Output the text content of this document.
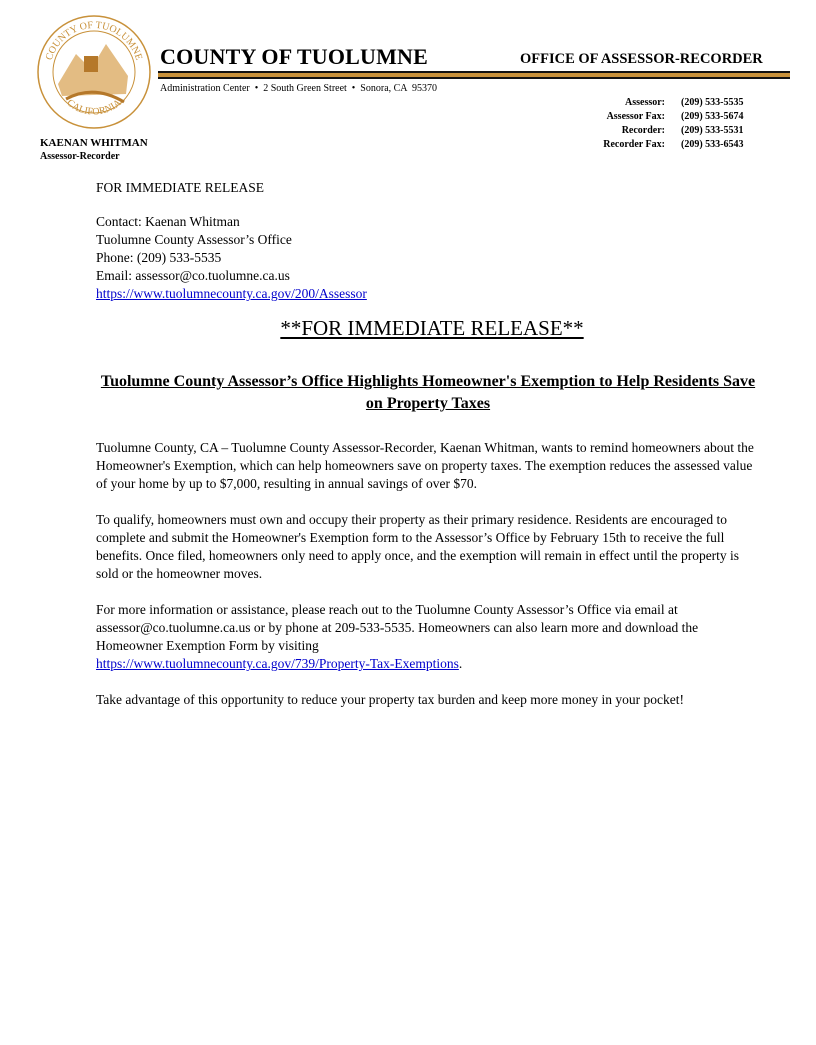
COUNTY OF TUOLUMNE
CALIFORNIA
COUNTY OF TUOLUMNE	OFFICE OF ASSESSOR-RECORDER
Administration Center  •  2 South Green Street  •  Sonora, CA  95370
KAENAN WHITMAN
Assessor-Recorder
Assessor:	(209) 533-5535
Assessor Fax:	(209) 533-5674
Recorder:	(209) 533-5531
Recorder Fax:	(209) 533-6543

FOR IMMEDIATE RELEASE

Contact: Kaenan Whitman

Tuolumne County Assessor’s Office

Phone: (209) 533-5535

Email: assessor@co.tuolumne.ca.us

https://www.tuolumnecounty.ca.gov/200/Assessor

**FOR IMMEDIATE RELEASE**
Tuolumne County Assessor’s Office Highlights Homeowner's Exemption to Help Residents Save on Property Taxes

Tuolumne County, CA – Tuolumne County Assessor-Recorder, Kaenan Whitman, wants to remind homeowners about the Homeowner's Exemption, which can help homeowners save on property taxes. The exemption reduces the assessed value of your home by up to $7,000, resulting in annual savings of over $70.

To qualify, homeowners must own and occupy their property as their primary residence. Residents are encouraged to complete and submit the Homeowner's Exemption form to the Assessor’s Office by February 15th to receive the full benefits. Once filed, homeowners only need to apply once, and the exemption will remain in effect until the property is sold or the homeowner moves.

For more information or assistance, please reach out to the Tuolumne County Assessor’s Office via email at assessor@co.tuolumne.ca.us or by phone at 209-533-5535. Homeowners can also learn more and download the Homeowner Exemption Form by visiting

https://www.tuolumnecounty.ca.gov/739/Property-Tax-Exemptions.

Take advantage of this opportunity to reduce your property tax burden and keep more money in your pocket!
